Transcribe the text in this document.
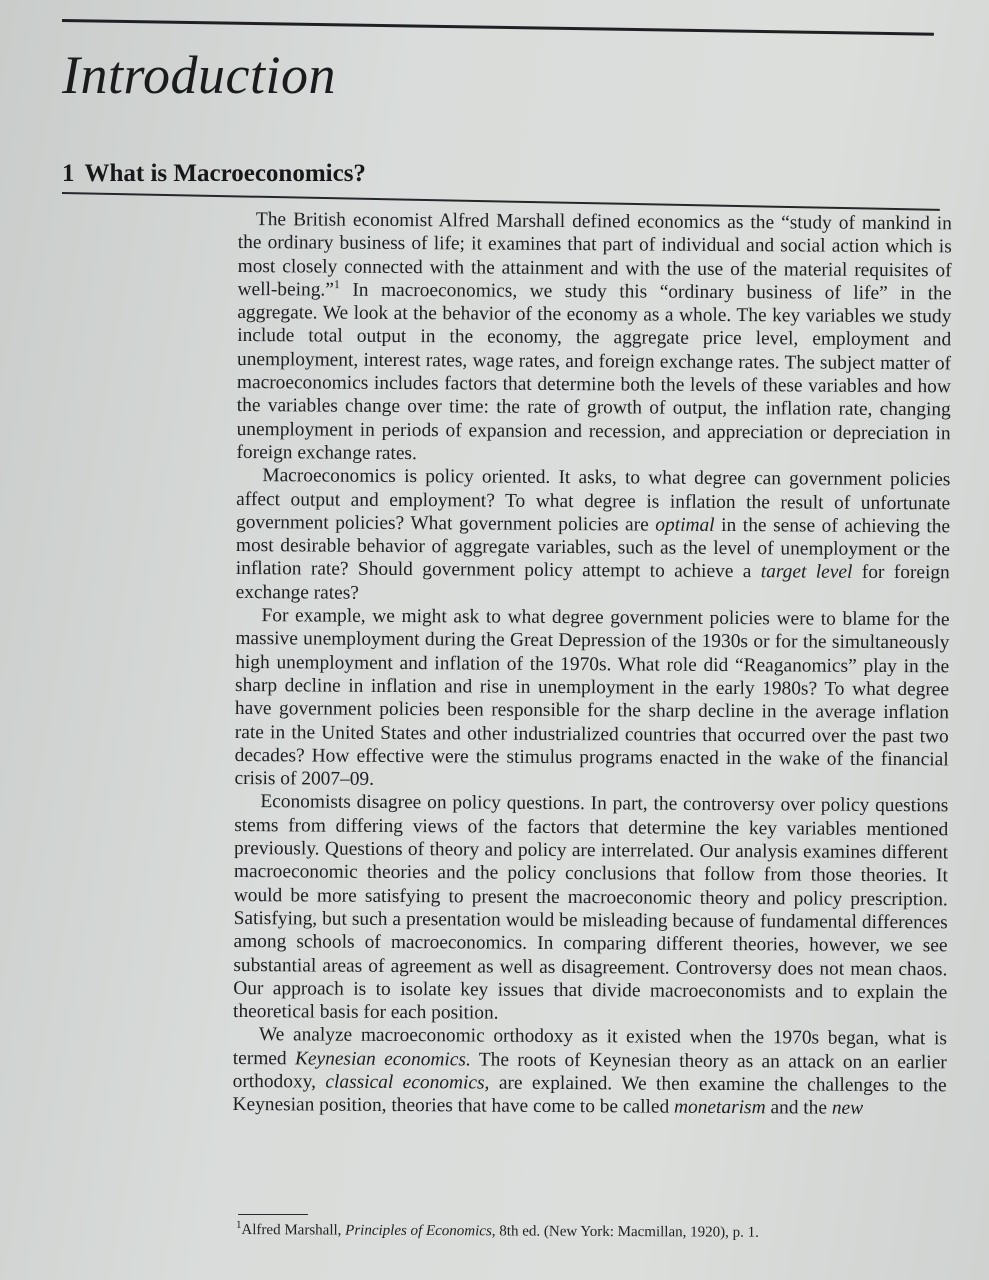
Introduction
1 What is Macroeconomics?

The British economist Alfred Marshall defined economics as the “study of mankind in the ordinary business of life; it examines that part of individual and social action which is most closely connected with the attainment and with the use of the material requisites of well-being.”$^1$ In macroeconomics, we study this “ordinary business of life” in the aggregate. We look at the behavior of the economy as a whole. The key variables we study include total output in the economy, the aggregate price level, employment and unemployment, interest rates, wage rates, and foreign exchange rates. The subject matter of macroeconomics includes factors that determine both the levels of these variables and how the variables change over time: the rate of growth of output, the inflation rate, changing unemployment in periods of expansion and recession, and appreciation or depreciation in foreign exchange rates.

Macroeconomics is policy oriented. It asks, to what degree can government policies affect output and employment? To what degree is inflation the result of unfortunate government policies? What government policies are optimal in the sense of achieving the most desirable behavior of aggregate variables, such as the level of unemployment or the inflation rate? Should government policy attempt to achieve a target level for foreign exchange rates?

For example, we might ask to what degree government policies were to blame for the massive unemployment during the Great Depression of the 1930s or for the simultaneously high unemployment and inflation of the 1970s. What role did “Reaganomics” play in the sharp decline in inflation and rise in unemployment in the early 1980s? To what degree have government policies been responsible for the sharp decline in the average inflation rate in the United States and other industrialized countries that occurred over the past two decades? How effective were the stimulus programs enacted in the wake of the financial crisis of 2007–09.

Economists disagree on policy questions. In part, the controversy over policy questions stems from differing views of the factors that determine the key variables mentioned previously. Questions of theory and policy are interrelated. Our analysis examines different macroeconomic theories and the policy conclusions that follow from those theories. It would be more satisfying to present the macroeconomic theory and policy prescription. Satisfying, but such a presentation would be misleading because of fundamental differences among schools of macroeconomics. In comparing different theories, however, we see substantial areas of agreement as well as disagreement. Controversy does not mean chaos. Our approach is to isolate key issues that divide macroeconomists and to explain the theoretical basis for each position.

We analyze macroeconomic orthodoxy as it existed when the 1970s began, what is termed Keynesian economics. The roots of Keynesian theory as an attack on an earlier orthodoxy, classical economics, are explained. We then examine the challenges to the Keynesian position, theories that have come to be called monetarism and the new

$^1$Alfred Marshall, Principles of Economics, 8th ed. (New York: Macmillan, 1920), p. 1.
